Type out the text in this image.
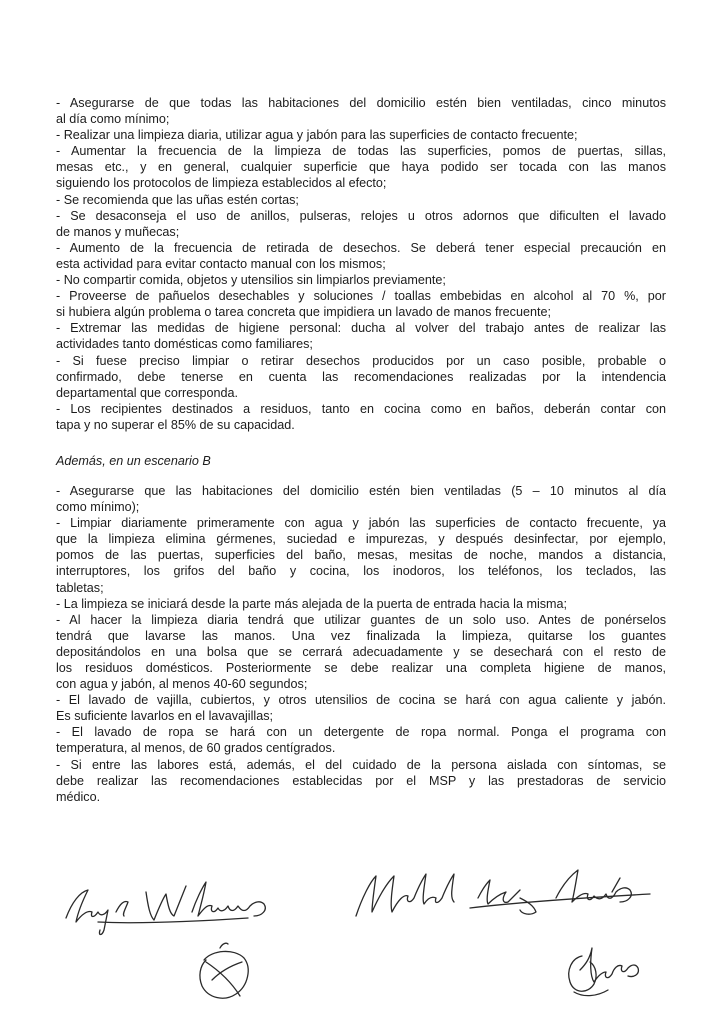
- Asegurarse de que todas las habitaciones del domicilio estén bien ventiladas, cinco minutos
al día como mínimo;
- Realizar una limpieza diaria, utilizar agua y jabón para las superficies de contacto frecuente;
- Aumentar la frecuencia de la limpieza de todas las superficies, pomos de puertas, sillas,
mesas etc., y en general, cualquier superficie que haya podido ser tocada con las manos
siguiendo los protocolos de limpieza establecidos al efecto;
- Se recomienda que las uñas estén cortas;
- Se desaconseja el uso de anillos, pulseras, relojes u otros adornos que dificulten el lavado
de manos y muñecas;
- Aumento de la frecuencia de retirada de desechos. Se deberá tener especial precaución en
esta actividad para evitar contacto manual con los mismos;
- No compartir comida, objetos y utensilios sin limpiarlos previamente;
- Proveerse de pañuelos desechables y soluciones / toallas embebidas en alcohol al 70 %, por
si hubiera algún problema o tarea concreta que impidiera un lavado de manos frecuente;
- Extremar las medidas de higiene personal: ducha al volver del trabajo antes de realizar las
actividades tanto domésticas como familiares;
- Si fuese preciso limpiar o retirar desechos producidos por un caso posible, probable o
confirmado, debe tenerse en cuenta las recomendaciones realizadas por la intendencia
departamental que corresponda.
- Los recipientes destinados a residuos, tanto en cocina como en baños, deberán contar con
tapa y no superar el 85% de su capacidad.
Además, en un escenario B
- Asegurarse que las habitaciones del domicilio estén bien ventiladas (5 – 10 minutos al día
como mínimo);
- Limpiar diariamente primeramente con agua y jabón las superficies de contacto frecuente, ya
que la limpieza elimina gérmenes, suciedad e impurezas, y después desinfectar, por ejemplo,
pomos de las puertas, superficies del baño, mesas, mesitas de noche, mandos a distancia,
interruptores, los grifos del baño y cocina, los inodoros, los teléfonos, los teclados, las
tabletas;
- La limpieza se iniciará desde la parte más alejada de la puerta de entrada hacia la misma;
- Al hacer la limpieza diaria tendrá que utilizar guantes de un solo uso. Antes de ponérselos
tendrá que lavarse las manos. Una vez finalizada la limpieza, quitarse los guantes
depositándolos en una bolsa que se cerrará adecuadamente y se desechará con el resto de
los residuos domésticos. Posteriormente se debe realizar una completa higiene de manos,
con agua y jabón, al menos 40-60 segundos;
- El lavado de vajilla, cubiertos, y otros utensilios de cocina se hará con agua caliente y jabón.
Es suficiente lavarlos en el lavavajillas;
- El lavado de ropa se hará con un detergente de ropa normal. Ponga el programa con
temperatura, al menos, de 60 grados centígrados.
- Si entre las labores está, además, el del cuidado de la persona aislada con síntomas, se
debe realizar las recomendaciones establecidas por el MSP y las prestadoras de servicio
médico.
